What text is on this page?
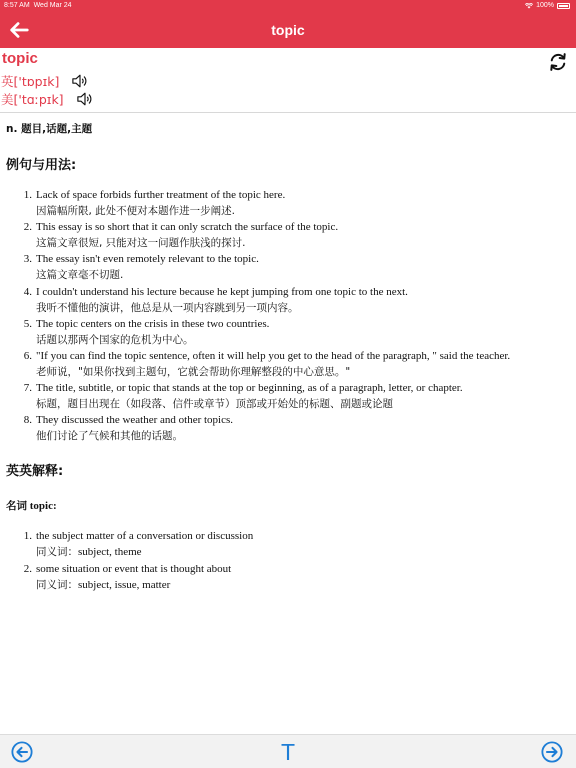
8:57 AM Wed Mar 24	100%
topic
topic
英['tɒpɪk]
美['tɑːpɪk]
n. 题目,话题,主题
例句与用法:
1. Lack of space forbids further treatment of the topic here.
因篇幅所限, 此处不便对本题作进一步阐述.
2. This essay is so short that it can only scratch the surface of the topic.
这篇文章很短, 只能对这一问题作肤浅的探讨.
3. The essay isn't even remotely relevant to the topic.
这篇文章毫不切题.
4. I couldn't understand his lecture because he kept jumping from one topic to the next.
我听不懂他的演讲，他总是从一项内容跳到另一项内容。
5. The topic centers on the crisis in these two countries.
话题以那两个国家的危机为中心。
6. "If you can find the topic sentence, often it will help you get to the head of the paragraph, " said the teacher.
老师说，"如果你找到主题句，它就会帮助你理解整段的中心意思。"
7. The title, subtitle, or topic that stands at the top or beginning, as of a paragraph, letter, or chapter.
标题，题目出现在（如段落、信件或章节）顶部或开始处的标题、副题或论题
8. They discussed the weather and other topics.
他们讨论了气候和其他的话题。
英英解释:
名词 topic:
1. the subject matter of a conversation or discussion
同义词：subject, theme
2. some situation or event that is thought about
同义词：subject, issue, matter
T
